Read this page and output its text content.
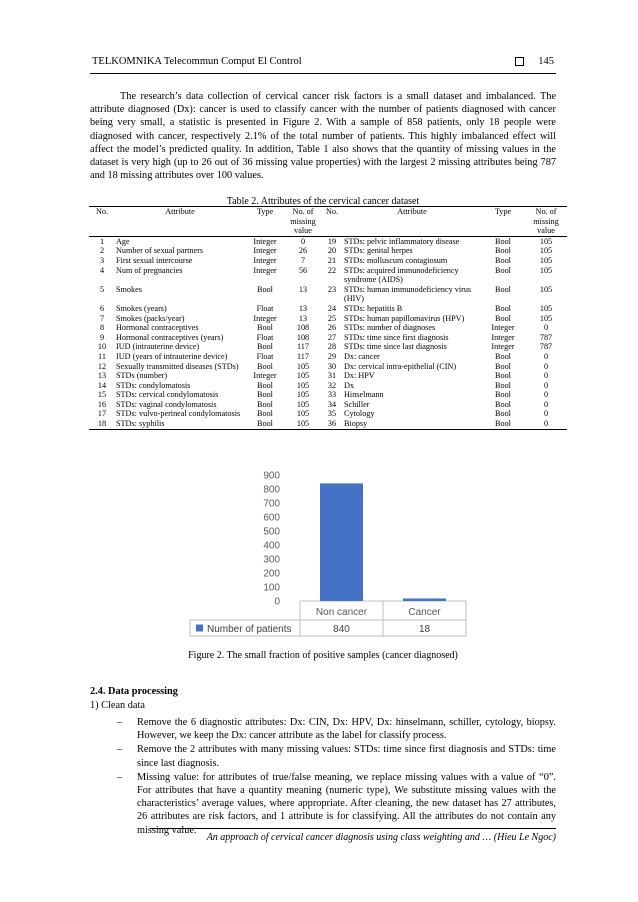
TELKOMNIKA Telecommun Comput El Control	145
The research’s data collection of cervical cancer risk factors is a small dataset and imbalanced. The attribute diagnosed (Dx): cancer is used to classify cancer with the number of patients diagnosed with cancer being very small, a statistic is presented in Figure 2. With a sample of 858 patients, only 18 people were diagnosed with cancer, respectively 2.1% of the total number of patients. This highly imbalanced effect will affect the model’s predicted quality. In addition, Table 1 also shows that the quantity of missing values in the dataset is very high (up to 26 out of 36 missing value properties) with the largest 2 missing attributes being 787 and 18 missing attributes over 100 values.
Table 2. Attributes of the cervical cancer dataset
No.	Attribute	Type	No. of missing value	No.	Attribute	Type	No. of missing value
1	Age	Integer	0	19	STDs: pelvic inflammatory disease	Bool	105
2	Number of sexual partners	Integer	26	20	STDs: genital herpes	Bool	105
3	First sexual intercourse	Integer	7	21	STDs: molluscum contagiosum	Bool	105
4	Num of pregnancies	Integer	56	22	STDs: acquired immunodeficiency syndrome (AIDS)	Bool	105
5	Smokes	Bool	13	23	STDs: human immunodeficiency virus (HIV)	Bool	105
6	Smokes (years)	Float	13	24	STDs: hepatitis B	Bool	105
7	Smokes (packs/year)	Integer	13	25	STDs: human papillomavirus (HPV)	Bool	105
8	Hormonal contraceptives	Bool	108	26	STDs: number of diagnoses	Integer	0
9	Hormonal contraceptives (years)	Float	108	27	STDs: time since first diagnosis	Integer	787
10	IUD (intrauterine device)	Bool	117	28	STDs: time since last diagnosis	Integer	787
11	IUD (years of intrauterine device)	Float	117	29	Dx: cancer	Bool	0
12	Sexually transmitted diseases (STDs)	Bool	105	30	Dx: cervical intra-epithelial (CIN)	Bool	0
13	STDs (number)	Integer	105	31	Dx: HPV	Bool	0
14	STDs: condylomatosis	Bool	105	32	Dx	Bool	0
15	STDs: cervical condylomatosis	Bool	105	33	Hinselmann	Bool	0
16	STDs: vaginal condylomatosis	Bool	105	34	Schiller	Bool	0
17	STDs: vulvo-perineal condylomatosis	Bool	105	35	Cytology	Bool	0
18	STDs: syphilis	Bool	105	36	Biopsy	Bool	0
0
100
200
300
400
500
600
700
800
900
Non cancer
840
Cancer
18
Number of patients
Figure 2. The small fraction of positive samples (cancer diagnosed)
2.4. Data processing
1) Clean data
– Remove the 6 diagnostic attributes: Dx: CIN, Dx: HPV, Dx: hinselmann, schiller, cytology, biopsy. However, we keep the Dx: cancer attribute as the label for classify process.
– Remove the 2 attributes with many missing values: STDs: time since first diagnosis and STDs: time since last diagnosis.
– Missing value: for attributes of true/false meaning, we replace missing values with a value of “0”. For attributes that have a quantity meaning (numeric type), We substitute missing values with the characteristics’ average values, where appropriate. After cleaning, the new dataset has 27 attributes, 26 attributes are risk factors, and 1 attribute is for classifying. All the attributes do not contain any missing value.
An approach of cervical cancer diagnosis using class weighting and … (Hieu Le Ngoc)
